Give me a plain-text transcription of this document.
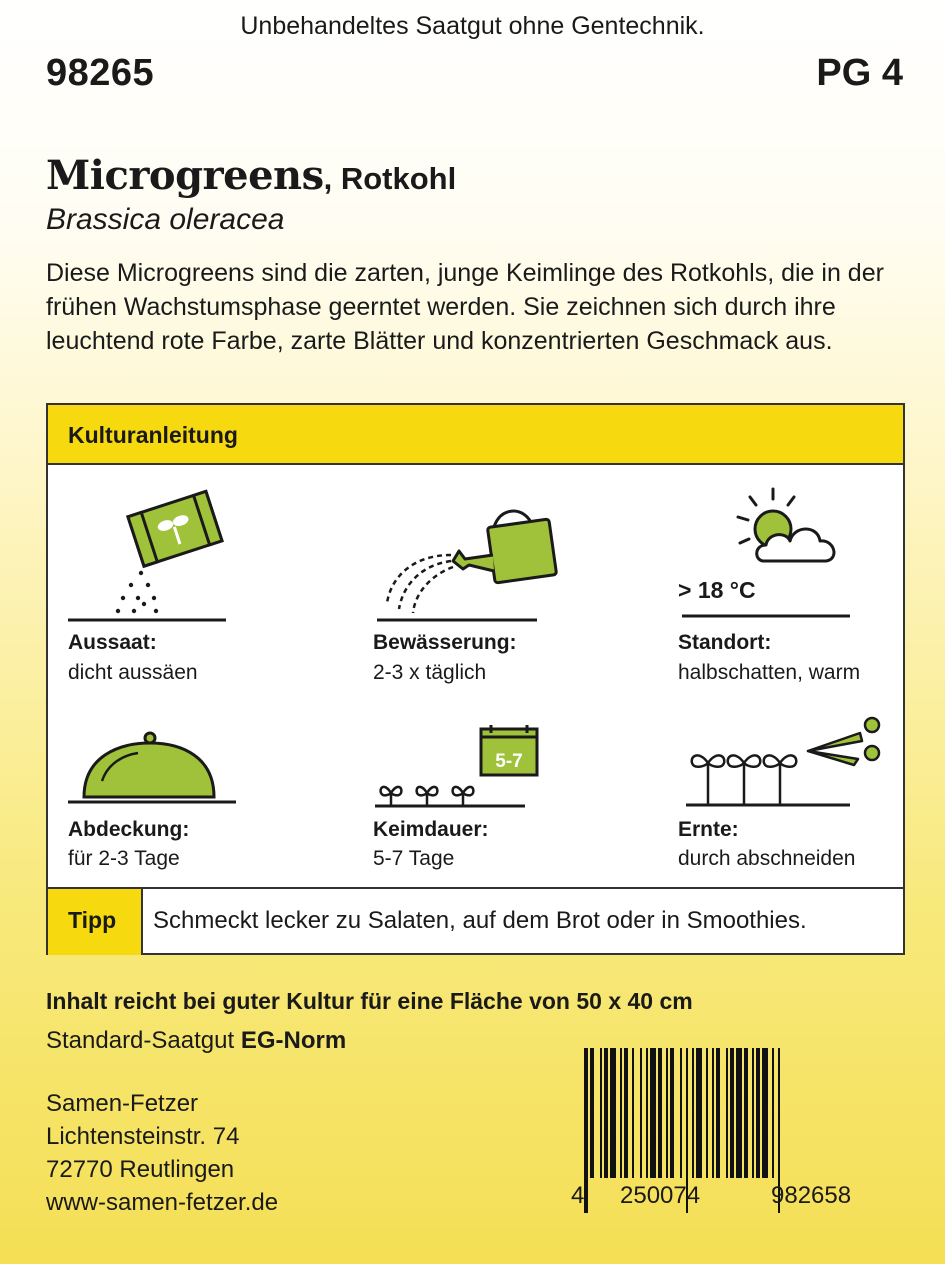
Unbehandeltes Saatgut ohne Gentechnik.
98265	PG 4
Microgreens, Rotkohl
Brassica oleracea
Diese Microgreens sind die zarten, junge Keimlinge des Rotkohls, die in der frühen Wachstumsphase geerntet werden. Sie zeichnen sich durch ihre leuchtend rote Farbe, zarte Blätter und konzentrierten Geschmack aus.
Kulturanleitung
Aussaat:
dicht aussäen
Bewässerung:
2-3 x täglich
> 18 °C
Standort:
halbschatten, warm
Abdeckung:
für 2-3 Tage
5-7
Keimdauer:
5-7 Tage
Ernte:
durch abschneiden
Tipp Schmeckt lecker zu Salaten, auf dem Brot oder in Smoothies.
Inhalt reicht bei guter Kultur für eine Fläche von 50 x 40 cm
Standard-Saatgut EG-Norm
Samen-Fetzer
Lichtensteinstr. 74
72770 Reutlingen
www-samen-fetzer.de	4 250074	982658
